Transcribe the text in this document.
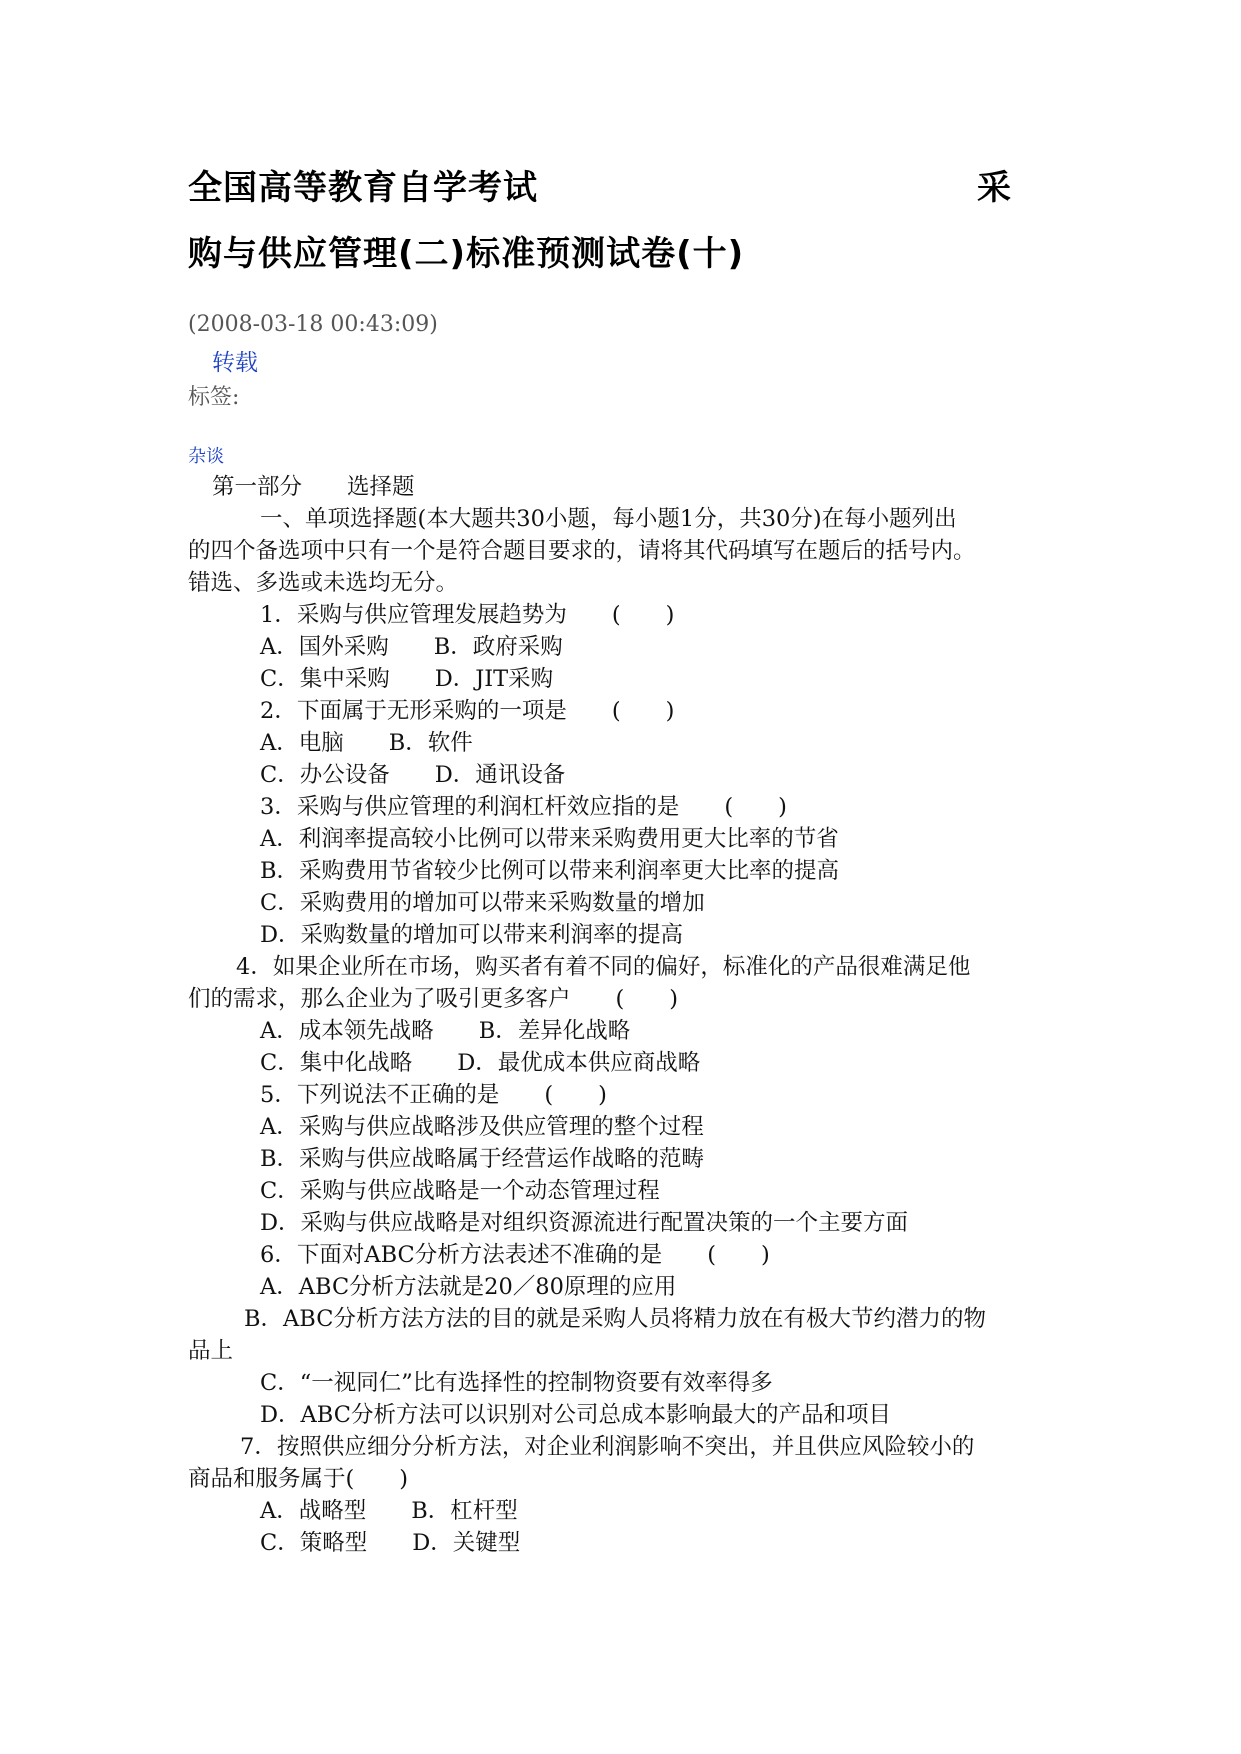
全国高等教育自学考试	采
购与供应管理(二)标准预测试卷(十)
(2008-03-18 00:43:09)
转载
标签:
杂谈
第一部分　　选择题
一、单项选择题(本大题共30小题，每小题1分，共30分)在每小题列出
的四个备选项中只有一个是符合题目要求的，请将其代码填写在题后的括号内。
错选、多选或未选均无分。
1．采购与供应管理发展趋势为　　(　　)
A．国外采购　　B．政府采购
C．集中采购　　D．JIT采购
2．下面属于无形采购的一项是　　(　　)
A．电脑　　B．软件
C．办公设备　　D．通讯设备
3．采购与供应管理的利润杠杆效应指的是　　(　　)
A．利润率提高较小比例可以带来采购费用更大比率的节省
B．采购费用节省较少比例可以带来利润率更大比率的提高
C．采购费用的增加可以带来采购数量的增加
D．采购数量的增加可以带来利润率的提高
4．如果企业所在市场，购买者有着不同的偏好，标准化的产品很难满足他
们的需求，那么企业为了吸引更多客户　　(　　)
A．成本领先战略　　B．差异化战略
C．集中化战略　　D．最优成本供应商战略
5．下列说法不正确的是　　(　　)
A．采购与供应战略涉及供应管理的整个过程
B．采购与供应战略属于经营运作战略的范畴
C．采购与供应战略是一个动态管理过程
D．采购与供应战略是对组织资源流进行配置决策的一个主要方面
6．下面对ABC分析方法表述不准确的是　　(　　)
A．ABC分析方法就是20／80原理的应用
B．ABC分析方法方法的目的就是采购人员将精力放在有极大节约潜力的物
品上
C．“一视同仁”比有选择性的控制物资要有效率得多
D．ABC分析方法可以识别对公司总成本影响最大的产品和项目
7．按照供应细分分析方法，对企业利润影响不突出，并且供应风险较小的
商品和服务属于(　　)
A．战略型　　B．杠杆型
C．策略型　　D．关键型
